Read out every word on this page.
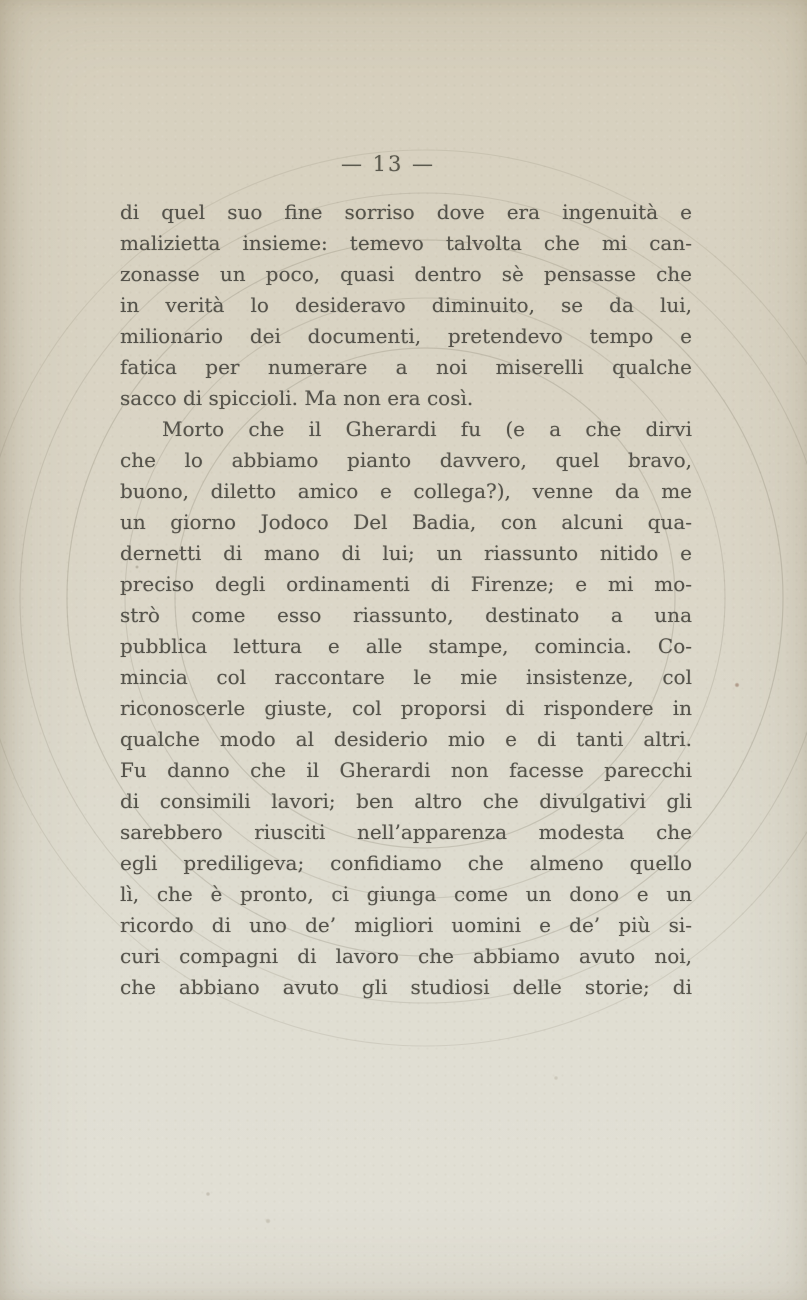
— 13 —
di quel suo fine sorriso dove era ingenuità e
malizietta insieme: temevo talvolta che mi can-
zonasse un poco, quasi dentro sè pensasse che
in verità lo desideravo diminuito, se da lui,
milionario dei documenti, pretendevo tempo e
fatica per numerare a noi miserelli qualche
sacco di spiccioli. Ma non era così.
Morto che il Gherardi fu (e a che dirvi
che lo abbiamo pianto davvero, quel bravo,
buono, diletto amico e collega?), venne da me
un giorno Jodoco Del Badia, con alcuni qua-
dernetti di mano di lui; un riassunto nitido e
preciso degli ordinamenti di Firenze; e mi mo-
strò come esso riassunto, destinato a una
pubblica lettura e alle stampe, comincia. Co-
mincia col raccontare le mie insistenze, col
riconoscerle giuste, col proporsi di rispondere in
qualche modo al desiderio mio e di tanti altri.
Fu danno che il Gherardi non facesse parecchi
di consimili lavori; ben altro che divulgativi gli
sarebbero riusciti nell’apparenza modesta che
egli prediligeva; confidiamo che almeno quello
lì, che è pronto, ci giunga come un dono e un
ricordo di uno de’ migliori uomini e de’ più si-
curi compagni di lavoro che abbiamo avuto noi,
che abbiano avuto gli studiosi delle storie; di
